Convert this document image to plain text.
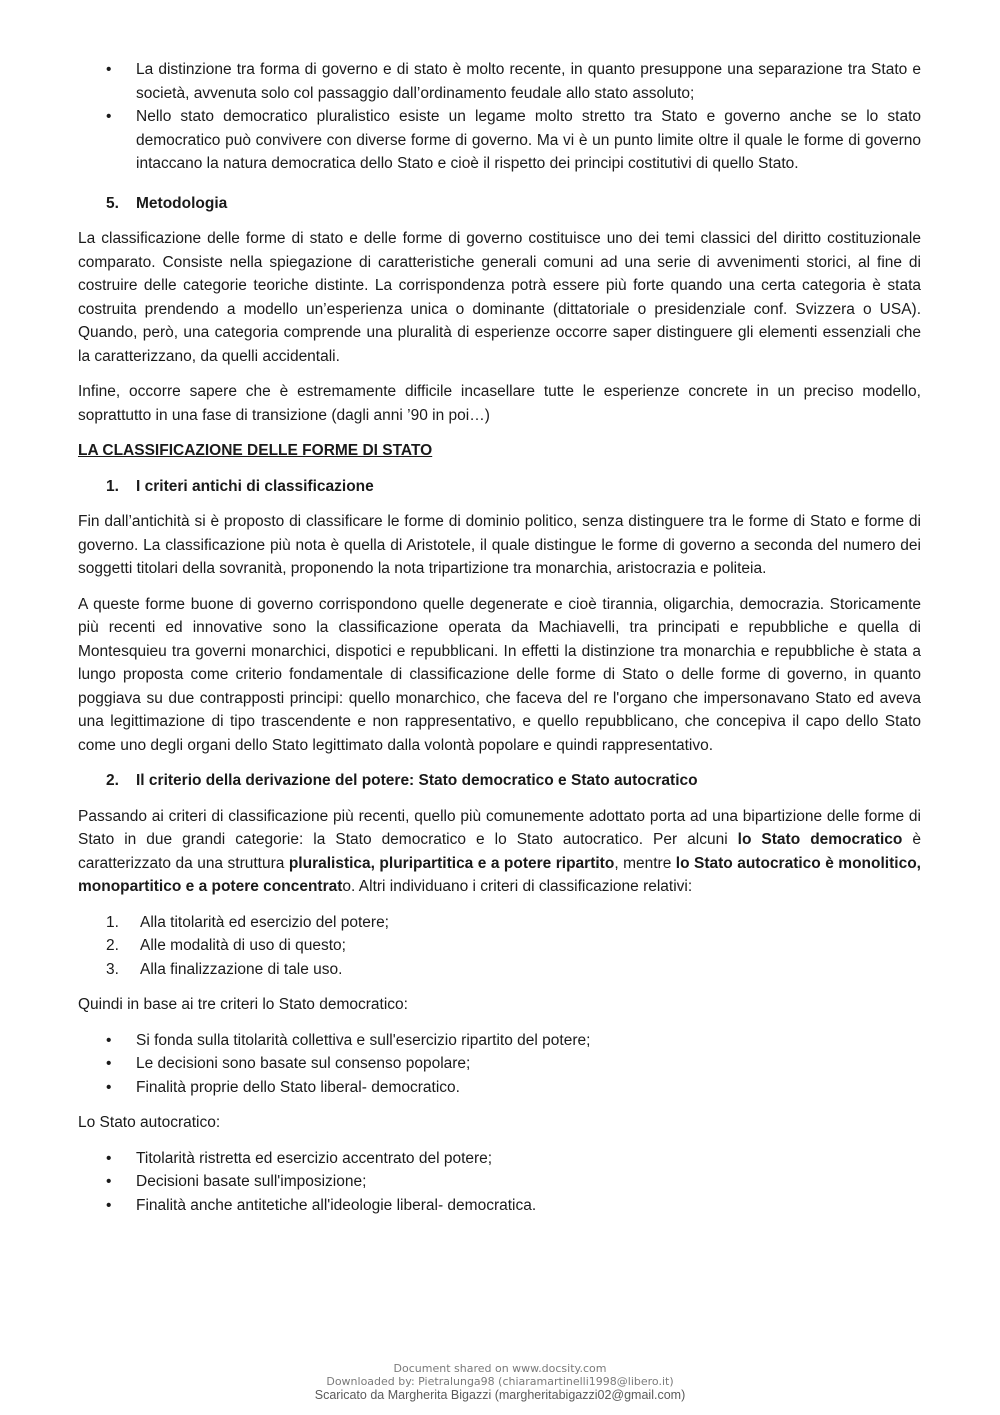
• La distinzione tra forma di governo e di stato è molto recente, in quanto presuppone una separazione tra Stato e società, avvenuta solo col passaggio dall’ordinamento feudale allo stato assoluto;
• Nello stato democratico pluralistico esiste un legame molto stretto tra Stato e governo anche se lo stato democratico può convivere con diverse forme di governo. Ma vi è un punto limite oltre il quale le forme di governo intaccano la natura democratica dello Stato e cioè il rispetto dei principi costitutivi di quello Stato.
5. Metodologia

La classificazione delle forme di stato e delle forme di governo costituisce uno dei temi classici del diritto costituzionale comparato. Consiste nella spiegazione di caratteristiche generali comuni ad una serie di avvenimenti storici, al fine di costruire delle categorie teoriche distinte. La corrispondenza potrà essere più forte quando una certa categoria è stata costruita prendendo a modello un’esperienza unica o dominante (dittatoriale o presidenziale conf. Svizzera o USA). Quando, però, una categoria comprende una pluralità di esperienze occorre saper distinguere gli elementi essenziali che la caratterizzano, da quelli accidentali.

Infine, occorre sapere che è estremamente difficile incasellare tutte le esperienze concrete in un preciso modello, soprattutto in una fase di transizione (dagli anni ’90 in poi…)

LA CLASSIFICAZIONE DELLE FORME DI STATO
1. I criteri antichi di classificazione

Fin dall’antichità si è proposto di classificare le forme di dominio politico, senza distinguere tra le forme di Stato e forme di governo. La classificazione più nota è quella di Aristotele, il quale distingue le forme di governo a seconda del numero dei soggetti titolari della sovranità, proponendo la nota tripartizione tra monarchia, aristocrazia e politeia.

A queste forme buone di governo corrispondono quelle degenerate e cioè tirannia, oligarchia, democrazia. Storicamente più recenti ed innovative sono la classificazione operata da Machiavelli, tra principati e repubbliche e quella di Montesquieu tra governi monarchici, dispotici e repubblicani. In effetti la distinzione tra monarchia e repubbliche è stata a lungo proposta come criterio fondamentale di classificazione delle forme di Stato o delle forme di governo, in quanto poggiava su due contrapposti principi: quello monarchico, che faceva del re l'organo che impersonavano Stato ed aveva una legittimazione di tipo trascendente e non rappresentativo, e quello repubblicano, che concepiva il capo dello Stato come uno degli organi dello Stato legittimato dalla volontà popolare e quindi rappresentativo.

2. Il criterio della derivazione del potere: Stato democratico e Stato autocratico

Passando ai criteri di classificazione più recenti, quello più comunemente adottato porta ad una bipartizione delle forme di Stato in due grandi categorie: la Stato democratico e lo Stato autocratico. Per alcuni lo Stato democratico è caratterizzato da una struttura pluralistica, pluripartitica e a potere ripartito, mentre lo Stato autocratico è monolitico, monopartitico e a potere concentrato. Altri individuano i criteri di classificazione relativi:

1. Alla titolarità ed esercizio del potere;
2. Alle modalità di uso di questo;
3. Alla finalizzazione di tale uso.

Quindi in base ai tre criteri lo Stato democratico:

• Si fonda sulla titolarità collettiva e sull'esercizio ripartito del potere;
• Le decisioni sono basate sul consenso popolare;
• Finalità proprie dello Stato liberal- democratico.

Lo Stato autocratico:

• Titolarità ristretta ed esercizio accentrato del potere;
• Decisioni basate sull'imposizione;
• Finalità anche antitetiche all'ideologie liberal- democratica.
Document shared on www.docsity.com
Downloaded by: Pietralunga98 (chiaramartinelli1998@libero.it)
Scaricato da Margherita Bigazzi (margheritabigazzi02@gmail.com)
